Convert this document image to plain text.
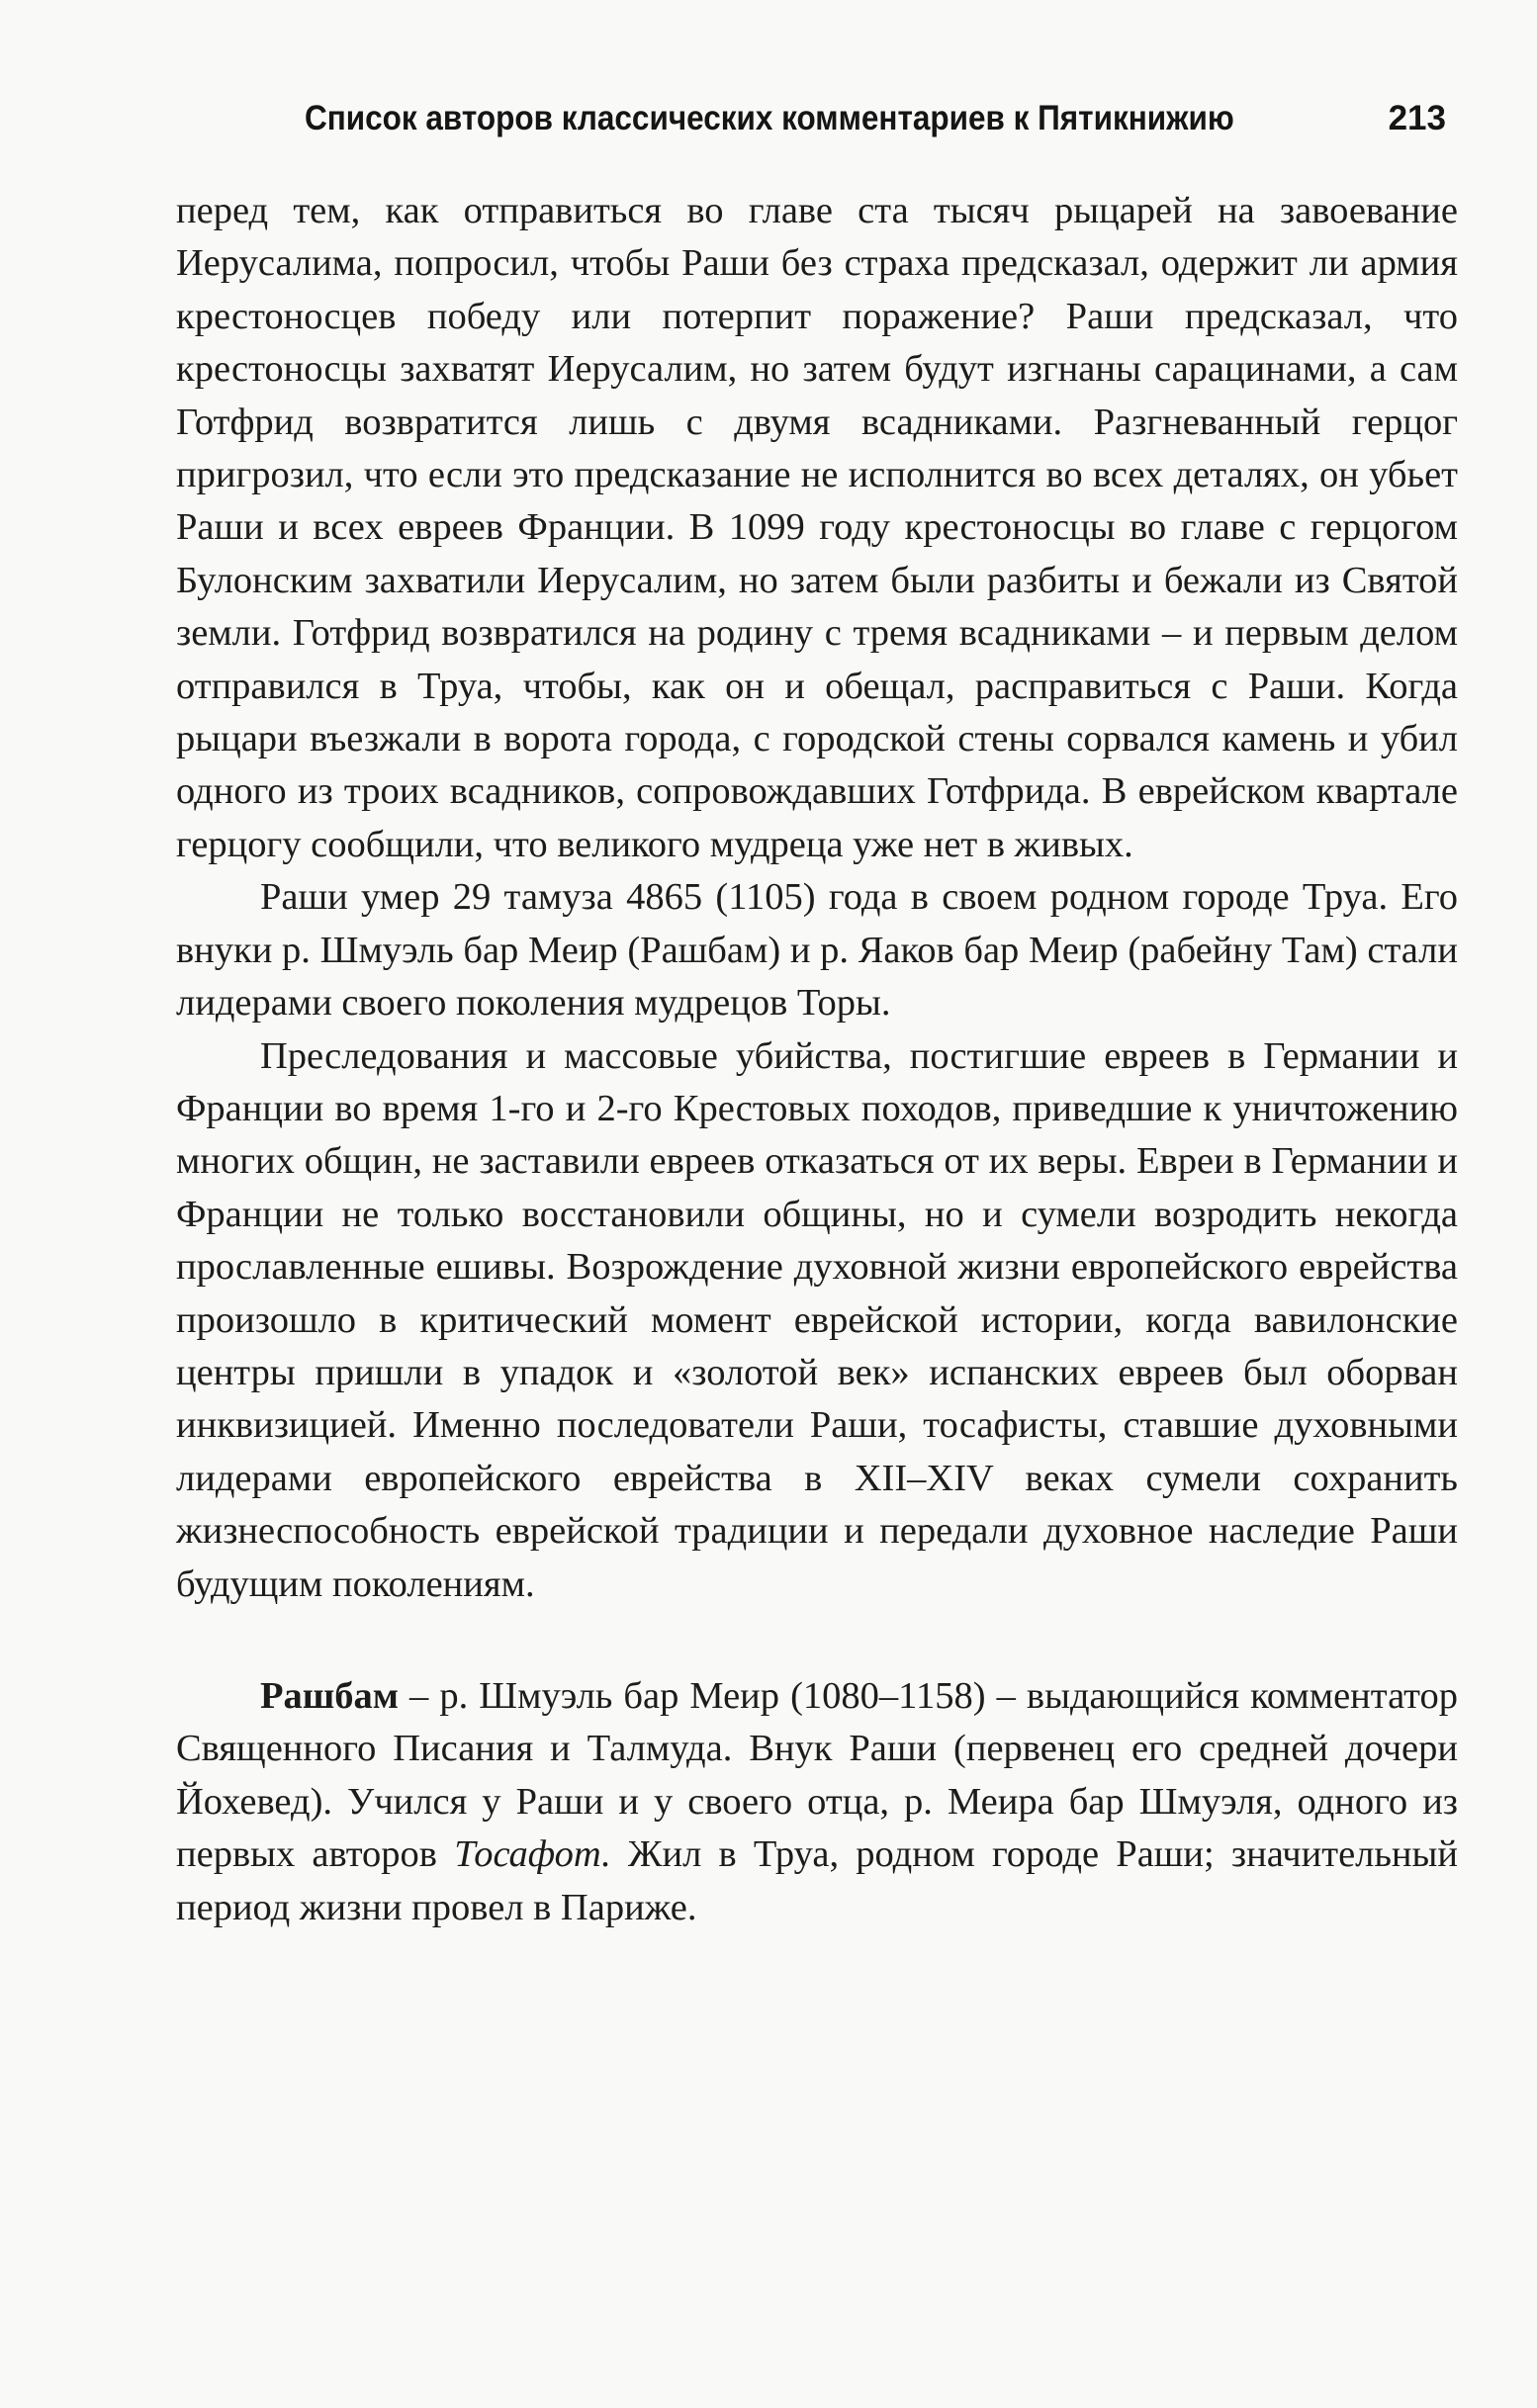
Список авторов классических комментариев к Пятикнижию	213

перед тем, как отправиться во главе ста тысяч рыцарей на завоевание Иерусалима, попросил, чтобы Раши без страха предсказал, одержит ли армия крестоносцев победу или потерпит поражение? Раши предсказал, что крестоносцы захватят Иерусалим, но затем будут изгнаны сарацинами, а сам Готфрид возвратится лишь с двумя всадниками. Разгневанный герцог пригрозил, что если это предсказание не исполнится во всех деталях, он убьет Раши и всех евреев Франции. В 1099 году крестоносцы во главе с герцогом Булонским захватили Иерусалим, но затем были разбиты и бежали из Святой земли. Готфрид возвратился на родину с тремя всадниками – и первым делом отправился в Труа, чтобы, как он и обещал, расправиться с Раши. Когда рыцари въезжали в ворота города, с городской стены сорвался камень и убил одного из троих всадников, сопровождавших Готфрида. В еврейском квартале герцогу сообщили, что великого мудреца уже нет в живых.

Раши умер 29 тамуза 4865 (1105) года в своем родном городе Труа. Его внуки р. Шмуэль бар Меир (Рашбам) и р. Яаков бар Меир (рабейну Там) стали лидерами своего поколения мудрецов Торы.

Преследования и массовые убийства, постигшие евреев в Германии и Франции во время 1-го и 2-го Крестовых походов, приведшие к уничтожению многих общин, не заставили евреев отказаться от их веры. Евреи в Германии и Франции не только восстановили общины, но и сумели возродить некогда прославленные ешивы. Возрождение духовной жизни европейского еврейства произошло в критический момент еврейской истории, когда вавилонские центры пришли в упадок и «золотой век» испанских евреев был оборван инквизицией. Именно последователи Раши, тосафисты, ставшие духовными лидерами европейского еврейства в XII–XIV веках сумели сохранить жизнеспособность еврейской традиции и передали духовное наследие Раши будущим поколениям.

Рашбам – р. Шмуэль бар Меир (1080–1158) – выдающийся комментатор Священного Писания и Талмуда. Внук Раши (первенец его средней дочери Йохевед). Учился у Раши и у своего отца, р. Меира бар Шмуэля, одного из первых авторов Тосафот. Жил в Труа, родном городе Раши; значительный период жизни провел в Париже.
